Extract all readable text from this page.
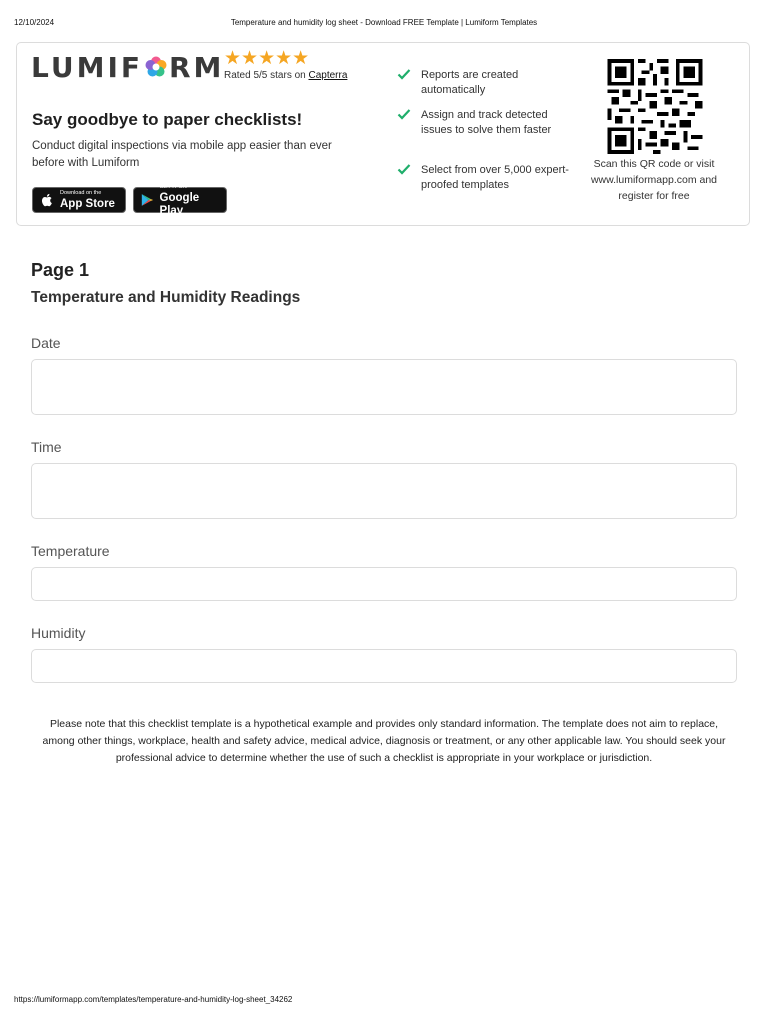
12/10/2024	Temperature and humidity log sheet - Download FREE Template | Lumiform Templates
LUMIF RM ★★★★★
Rated 5/5 stars on Capterra
Say goodbye to paper checklists!
Conduct digital inspections via mobile app easier than ever before with Lumiform
Download on the
App Store
GET IT ON
Google Play
Reports are created automatically
Assign and track detected issues to solve them faster
Select from over 5,000 expert-proofed templates
Scan this QR code or visit www.lumiformapp.com and register for free
Page 1
Temperature and Humidity Readings
Date
Time
Temperature
Humidity
Please note that this checklist template is a hypothetical example and provides only standard information. The template does not aim to replace, among other things, workplace, health and safety advice, medical advice, diagnosis or treatment, or any other applicable law. You should seek your professional advice to determine whether the use of such a checklist is appropriate in your workplace or jurisdiction.
https://lumiformapp.com/templates/temperature-and-humidity-log-sheet_34262
